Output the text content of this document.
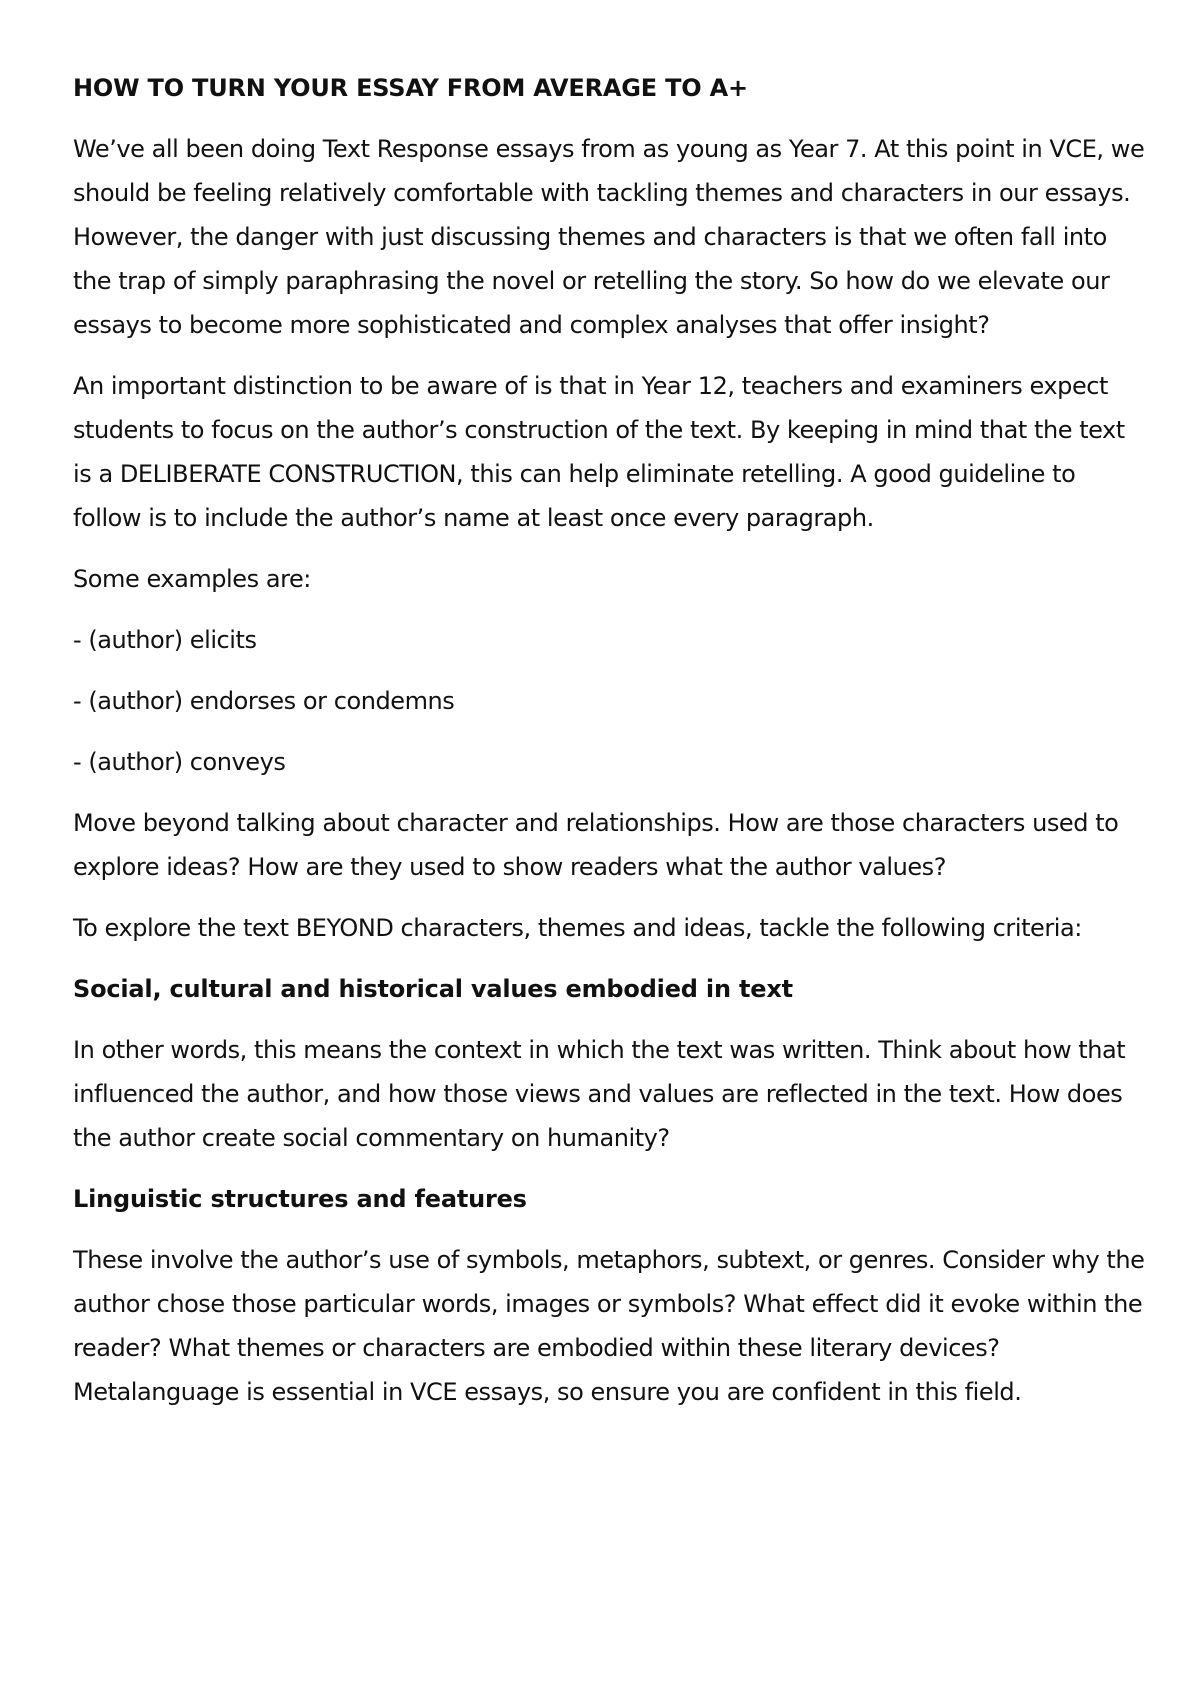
HOW TO TURN YOUR ESSAY FROM AVERAGE TO A+

We’ve all been doing Text Response essays from as young as Year 7. At this point in VCE, we should be feeling relatively comfortable with tackling themes and characters in our essays. However, the danger with just discussing themes and characters is that we often fall into the trap of simply paraphrasing the novel or retelling the story. So how do we elevate our essays to become more sophisticated and complex analyses that offer insight?

An important distinction to be aware of is that in Year 12, teachers and examiners expect students to focus on the author’s construction of the text. By keeping in mind that the text is a DELIBERATE CONSTRUCTION, this can help eliminate retelling. A good guideline to follow is to include the author’s name at least once every paragraph.

Some examples are:

- (author) elicits

- (author) endorses or condemns

- (author) conveys

Move beyond talking about character and relationships. How are those characters used to explore ideas? How are they used to show readers what the author values?

To explore the text BEYOND characters, themes and ideas, tackle the following criteria:

Social, cultural and historical values embodied in text

In other words, this means the context in which the text was written. Think about how that influenced the author, and how those views and values are reflected in the text. How does the author create social commentary on humanity?

Linguistic structures and features

These involve the author’s use of symbols, metaphors, subtext, or genres. Consider why the author chose those particular words, images or symbols? What effect did it evoke within the reader? What themes or characters are embodied within these literary devices? Metalanguage is essential in VCE essays, so ensure you are confident in this field.
